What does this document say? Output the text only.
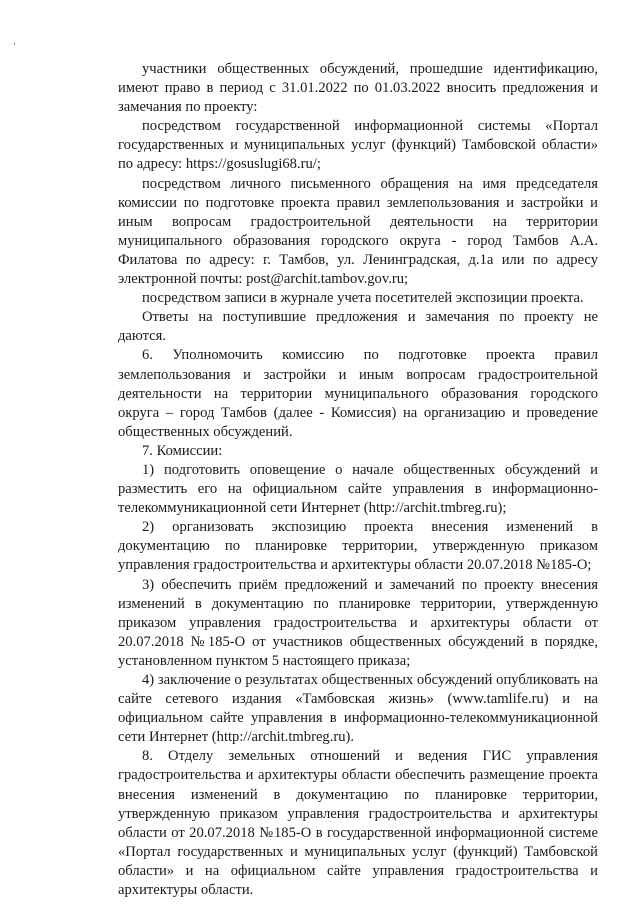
участники общественных обсуждений, прошедшие идентификацию, имеют право в период с 31.01.2022 по 01.03.2022 вносить предложения и замечания по проекту:

посредством государственной информационной системы «Портал государственных и муниципальных услуг (функций) Тамбовской области» по адресу: https://gosuslugi68.ru/;

посредством личного письменного обращения на имя председателя комиссии по подготовке проекта правил землепользования и застройки и иным вопросам градостроительной деятельности на территории муниципального образования городского округа - город Тамбов А.А. Филатова по адресу: г. Тамбов, ул. Ленинградская, д.1а или по адресу электронной почты: post@archit.tambov.gov.ru;

посредством записи в журнале учета посетителей экспозиции проекта.

Ответы на поступившие предложения и замечания по проекту не даются.

6. Уполномочить комиссию по подготовке проекта правил землепользования и застройки и иным вопросам градостроительной деятельности на территории муниципального образования городского округа – город Тамбов (далее - Комиссия) на организацию и проведение общественных обсуждений.

7. Комиссии:

1) подготовить оповещение о начале общественных обсуждений и разместить его на официальном сайте управления в информационно-телекоммуникационной сети Интернет (http://archit.tmbreg.ru);

2) организовать экспозицию проекта внесения изменений в документацию по планировке территории, утвержденную приказом управления градостроительства и архитектуры области 20.07.2018 №185-О;

3) обеспечить приём предложений и замечаний по проекту внесения изменений в документацию по планировке территории, утвержденную приказом управления градостроительства и архитектуры области от 20.07.2018 №185-О от участников общественных обсуждений в порядке, установленном пунктом 5 настоящего приказа;

4) заключение о результатах общественных обсуждений опубликовать на сайте сетевого издания «Тамбовская жизнь» (www.tamlife.ru) и на официальном сайте управления в информационно-телекоммуникационной сети Интернет (http://archit.tmbreg.ru).

8. Отделу земельных отношений и ведения ГИС управления градостроительства и архитектуры области обеспечить размещение проекта внесения изменений в документацию по планировке территории, утвержденную приказом управления градостроительства и архитектуры области от 20.07.2018 №185-О в государственной информационной системе «Портал государственных и муниципальных услуг (функций) Тамбовской области» и на официальном сайте управления градостроительства и архитектуры области.
